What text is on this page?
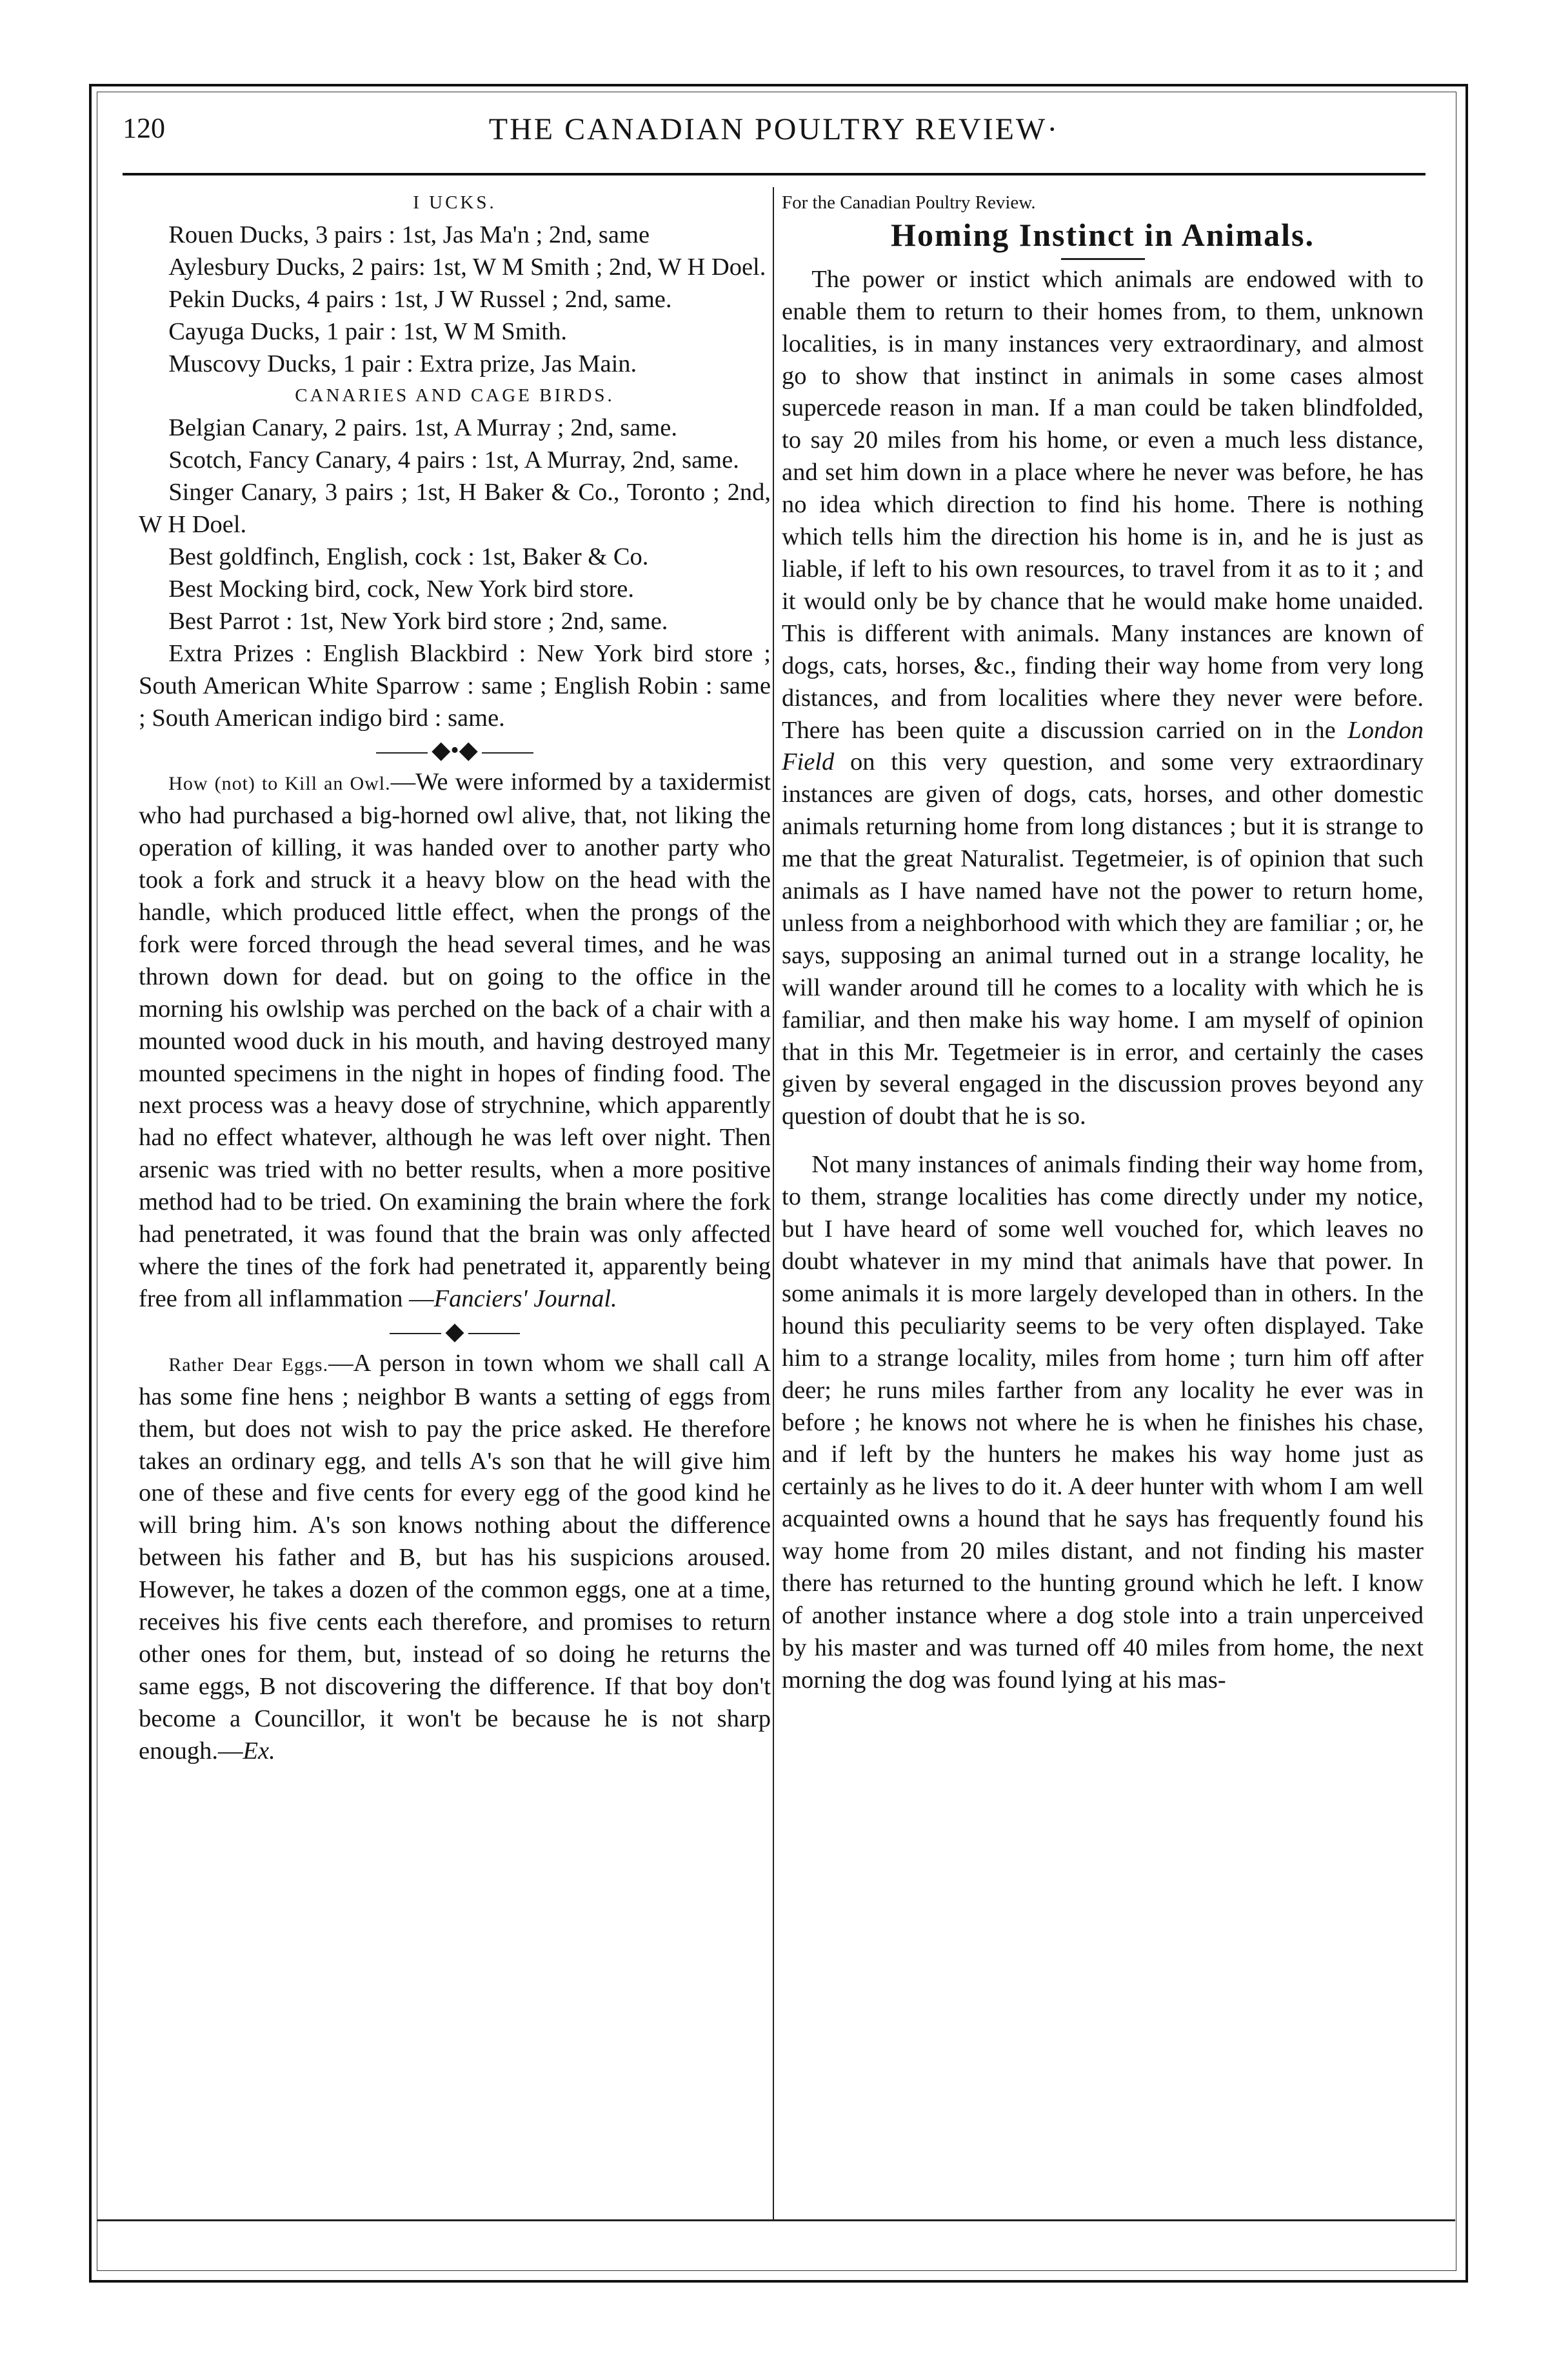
120	THE CANADIAN POULTRY REVIEW·
I UCKS.

Rouen Ducks, 3 pairs : 1st, Jas Ma'n ; 2nd, same

Aylesbury Ducks, 2 pairs: 1st, W M Smith ; 2nd, W H Doel.

Pekin Ducks, 4 pairs : 1st, J W Russel ; 2nd, same.

Cayuga Ducks, 1 pair : 1st, W M Smith.

Muscovy Ducks, 1 pair : Extra prize, Jas Main.

CANARIES AND CAGE BIRDS.

Belgian Canary, 2 pairs. 1st, A Murray ; 2nd, same.

Scotch, Fancy Canary, 4 pairs : 1st, A Murray, 2nd, same.

Singer Canary, 3 pairs ; 1st, H Baker & Co., Toronto ; 2nd, W H Doel.

Best goldfinch, English, cock : 1st, Baker & Co.

Best Mocking bird, cock, New York bird store.

Best Parrot : 1st, New York bird store ; 2nd, same.

Extra Prizes : English Blackbird : New York bird store ; South American White Sparrow : same ; English Robin : same ; South American indigo bird : same.

◆•◆

How (not) to Kill an Owl.—We were informed by a taxidermist who had purchased a big-horned owl alive, that, not liking the operation of killing, it was handed over to another party who took a fork and struck it a heavy blow on the head with the handle, which produced little effect, when the prongs of the fork were forced through the head several times, and he was thrown down for dead. but on going to the office in the morning his owlship was perched on the back of a chair with a mounted wood duck in his mouth, and having destroyed many mounted specimens in the night in hopes of finding food. The next process was a heavy dose of strychnine, which apparently had no effect whatever, although he was left over night. Then arsenic was tried with no better results, when a more positive method had to be tried. On examining the brain where the fork had penetrated, it was found that the brain was only affected where the tines of the fork had penetrated it, apparently being free from all inflammation —Fanciers' Journal.

◆

Rather Dear Eggs.—A person in town whom we shall call A has some fine hens ; neighbor B wants a setting of eggs from them, but does not wish to pay the price asked. He therefore takes an ordinary egg, and tells A's son that he will give him one of these and five cents for every egg of the good kind he will bring him. A's son knows nothing about the difference between his father and B, but has his suspicions aroused. However, he takes a dozen of the common eggs, one at a time, receives his five cents each therefore, and promises to return other ones for them, but, instead of so doing he returns the same eggs, B not discovering the difference. If that boy don't become a Councillor, it won't be because he is not sharp enough.—Ex.

For the Canadian Poultry Review.
Homing Instinct in Animals.

The power or instict which animals are endowed with to enable them to return to their homes from, to them, unknown localities, is in many instances very extraordinary, and almost go to show that instinct in animals in some cases almost supercede reason in man. If a man could be taken blindfolded, to say 20 miles from his home, or even a much less distance, and set him down in a place where he never was before, he has no idea which direction to find his home. There is nothing which tells him the direction his home is in, and he is just as liable, if left to his own resources, to travel from it as to it ; and it would only be by chance that he would make home unaided. This is different with animals. Many instances are known of dogs, cats, horses, &c., finding their way home from very long distances, and from localities where they never were before. There has been quite a discussion carried on in the London Field on this very question, and some very extraordinary instances are given of dogs, cats, horses, and other domestic animals returning home from long distances ; but it is strange to me that the great Naturalist. Tegetmeier, is of opinion that such animals as I have named have not the power to return home, unless from a neighborhood with which they are familiar ; or, he says, supposing an animal turned out in a strange locality, he will wander around till he comes to a locality with which he is familiar, and then make his way home. I am myself of opinion that in this Mr. Tegetmeier is in error, and certainly the cases given by several engaged in the discussion proves beyond any question of doubt that he is so.

Not many instances of animals finding their way home from, to them, strange localities has come directly under my notice, but I have heard of some well vouched for, which leaves no doubt whatever in my mind that animals have that power. In some animals it is more largely developed than in others. In the hound this peculiarity seems to be very often displayed. Take him to a strange locality, miles from home ; turn him off after deer; he runs miles farther from any locality he ever was in before ; he knows not where he is when he finishes his chase, and if left by the hunters he makes his way home just as certainly as he lives to do it. A deer hunter with whom I am well acquainted owns a hound that he says has frequently found his way home from 20 miles distant, and not finding his master there has returned to the hunting ground which he left. I know of another instance where a dog stole into a train unperceived by his master and was turned off 40 miles from home, the next morning the dog was found lying at his mas-
